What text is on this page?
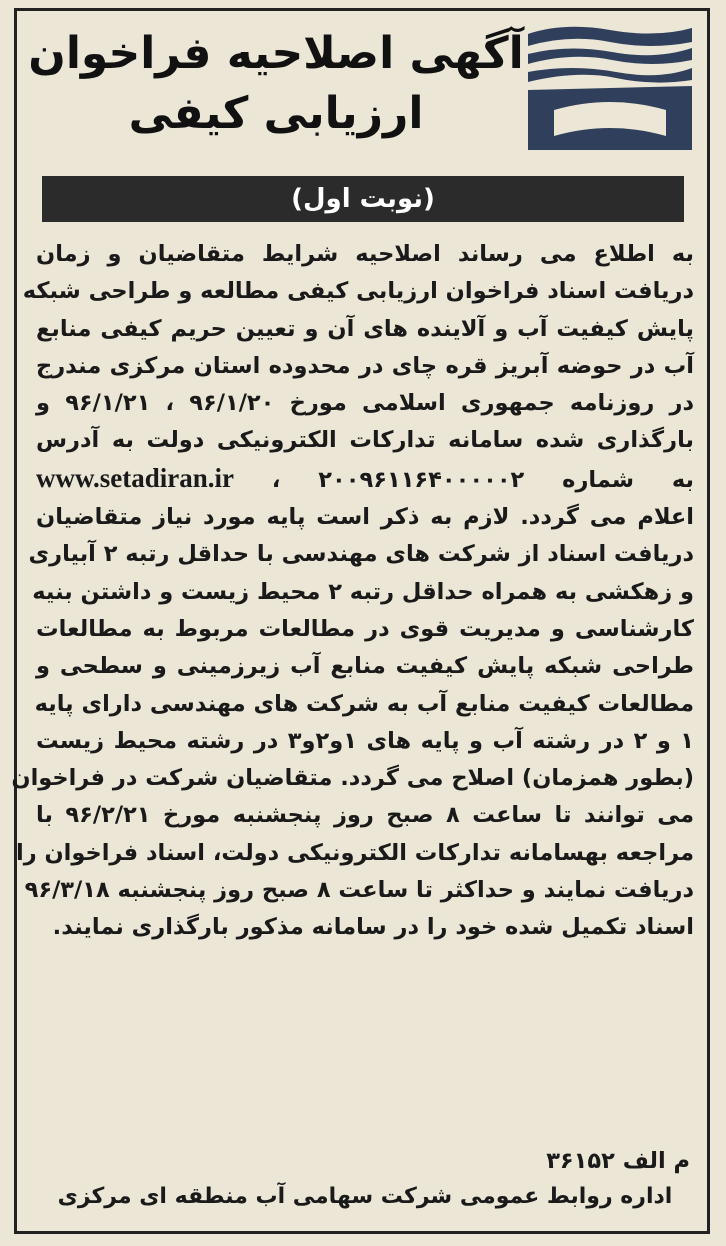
آگهی اصلاحیه فراخوان
ارزیابی کیفی
(نوبت اول)

به اطلاع می رساند اصلاحیه شرایط متقاضیان و زمان

دریافت اسناد فراخوان ارزیابی کیفی مطالعه و طراحی شبکه

پایش کیفیت آب و آلاینده های آن و تعیین حریم کیفی منابع

آب در حوضه آبریز قره چای در محدوده استان مرکزی مندرج

در روزنامه جمهوری اسلامی مورخ ۹۶/۱/۲۰ ، ۹۶/۱/۲۱ و

بارگذاری شده سامانه تدارکات الکترونیکی دولت به آدرس

به شماره ۲۰۰۹۶۱۱۶۴۰۰۰۰۰۲ ، www.setadiran.ir

اعلام می گردد. لازم به ذکر است پایه مورد نیاز متقاضیان

دریافت اسناد از شرکت های مهندسی با حداقل رتبه ۲ آبیاری

و زهکشی به همراه حداقل رتبه ۲ محیط زیست و داشتن بنیه

کارشناسی و مدیریت قوی در مطالعات مربوط به مطالعات

طراحی شبکه پایش کیفیت منابع آب زیرزمینی و سطحی و

مطالعات کیفیت منابع آب به شرکت های مهندسی دارای پایه

۱ و ۲ در رشته آب و پایه های ۱و۲و۳ در رشته محیط زیست

(بطور همزمان) اصلاح می گردد. متقاضیان شرکت در فراخوان

می توانند تا ساعت ۸ صبح روز پنجشنبه مورخ ۹۶/۲/۲۱ با

مراجعه بهسامانه تدارکات الکترونیکی دولت، اسناد فراخوان را

دریافت نمایند و حداکثر تا ساعت ۸ صبح روز پنجشنبه ۹۶/۳/۱۸

اسناد تکمیل شده خود را در سامانه مذکور بارگذاری نمایند.

م الف ۳۶۱۵۲
اداره روابط عمومی شرکت سهامی آب منطقه ای مرکزی
